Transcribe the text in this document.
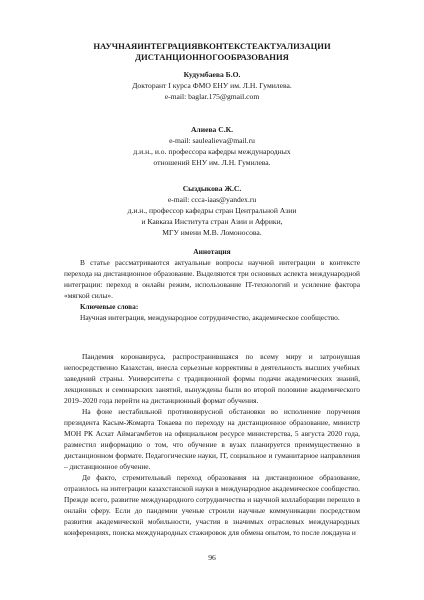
НАУЧНАЯИНТЕГРАЦИЯВКОНТЕКСТЕАКТУАЛИЗАЦИИ
ДИСТАНЦИОННОГООБРАЗОВАНИЯ
Кудумбаева Б.О.
Докторант I курса ФМО ЕНУ им. Л.Н. Гумилева.
e-mail: baglar.175@gmail.com
Алиева С.К.
e-mail: saulealieva@mail.ru
д.и.н., и.о. профессора кафедры международных
отношений ЕНУ им. Л.Н. Гумилева.
Сыздыкова Ж.С.
e-mail: ccca-iaas@yandex.ru
д.и.н., профессор кафедры стран Центральной Азии
и Кавказа Института стран Азии и Африки,
МГУ имени М.В. Ломоносова.

Аннотация

В статье рассматриваются актуальные вопросы научной интеграции в контексте перехода на дистанционное образование. Выделяются три основных аспекта международной интеграции: переход в онлайн режим, использование IT-технологий и усиление фактора «мягкой силы».

Ключевые слова:

Научная интеграция, международное сотрудничество, академическое сообщество.

Пандемия коронавируса, распространившаяся по всему миру и затронувшая непосредственно Казахстан, внесла серьезные коррективы в деятельность высших учебных заведений страны. Университеты с традиционной формы подачи академических знаний, лекционных и семинарских занятий, вынуждены были во второй половине академического 2019–2020 года перейти на дистанционный формат обучения.

На фоне нестабильной противовирусной обстановки во исполнение поручения президента Касым-Жомарта Токаева по переходу на дистанционное образование, министр МОН РК Асхат Аймагамбетов на официальном ресурсе министерства, 5 августа 2020 года, разместил информацию о том, что обучение в вузах планируется преимущественно в дистанционном формате. Педагогические науки, IT, социальное и гуманитарное направления – дистанционное обучение.

Де факто, стремительный переход образования на дистанционное образование, отразилось на интеграции казахстанской науки в международное академическое сообщество. Прежде всего, развитие международного сотрудничества и научной коллаборации перешло в онлайн сферу. Если до пандемии ученые строили научные коммуникации посредством развития академической мобильности, участия в значимых отраслевых международных конференциях, поиска международных стажировок для обмена опытом, то после локдауна и

96
